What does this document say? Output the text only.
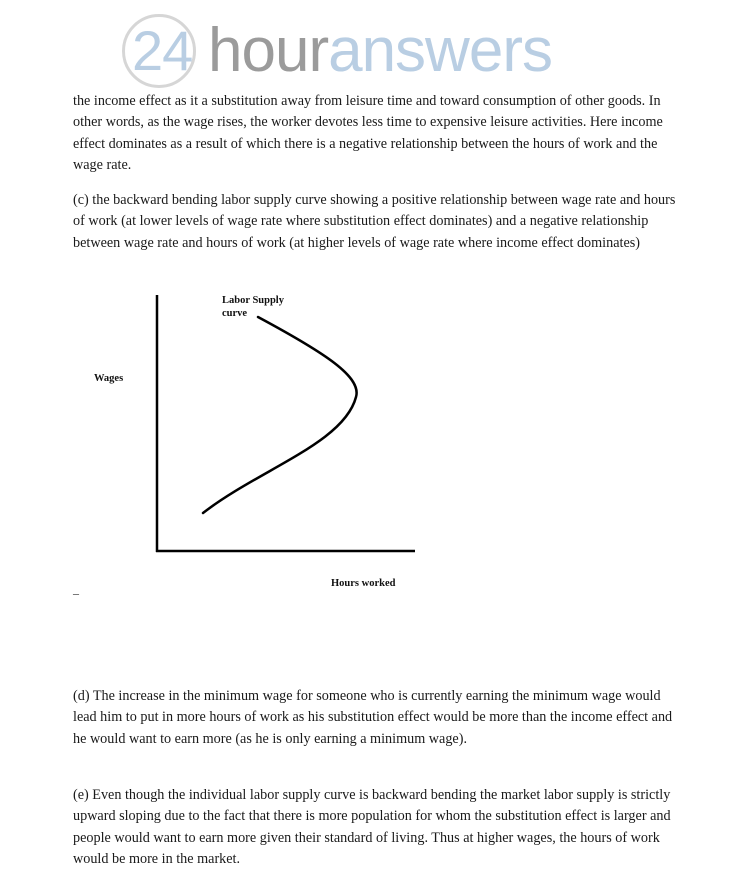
24 houranswers

the income effect as it a substitution away from leisure time and toward consumption of other goods. In other words, as the wage rises, the worker devotes less time to expensive leisure activities. Here income effect dominates as a result of which there is a negative relationship between the hours of work and the wage rate.

(c) the backward bending labor supply curve showing a positive relationship between wage rate and hours of work (at lower levels of wage rate where substitution effect dominates) and a negative relationship between wage rate and hours of work (at higher levels of wage rate where income effect dominates)

Labor Supply
curve
Wages
Hours worked
–

(d) The increase in the minimum wage for someone who is currently earning the minimum wage would lead him to put in more hours of work as his substitution effect would be more than the income effect and he would want to earn more (as he is only earning a minimum wage).

(e) Even though the individual labor supply curve is backward bending the market labor supply is strictly upward sloping due to the fact that there is more population for whom the substitution effect is larger and people would want to earn more given their standard of living. Thus at higher wages, the hours of work would be more in the market.
